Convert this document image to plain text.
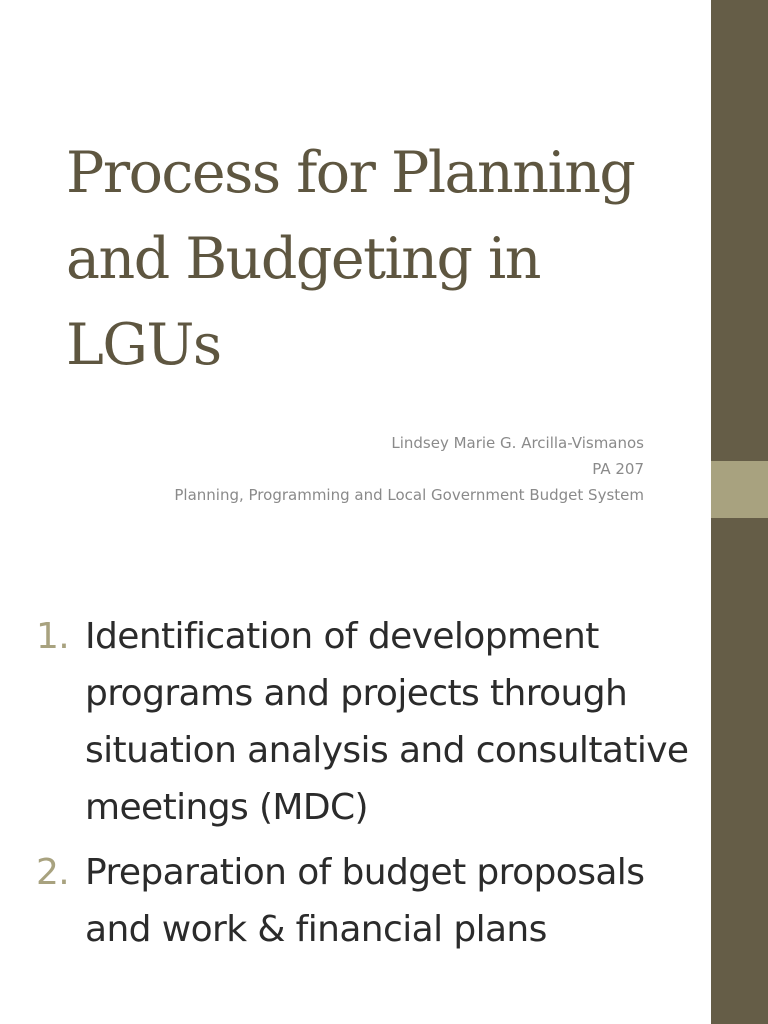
Process for Planning and Budgeting in LGUs
Lindsey Marie G. Arcilla-Vismanos
PA 207
Planning, Programming and Local Government Budget System
1. Identification of development programs and projects through situation analysis and consultative meetings (MDC)
2. Preparation of budget proposals and work & financial plans
